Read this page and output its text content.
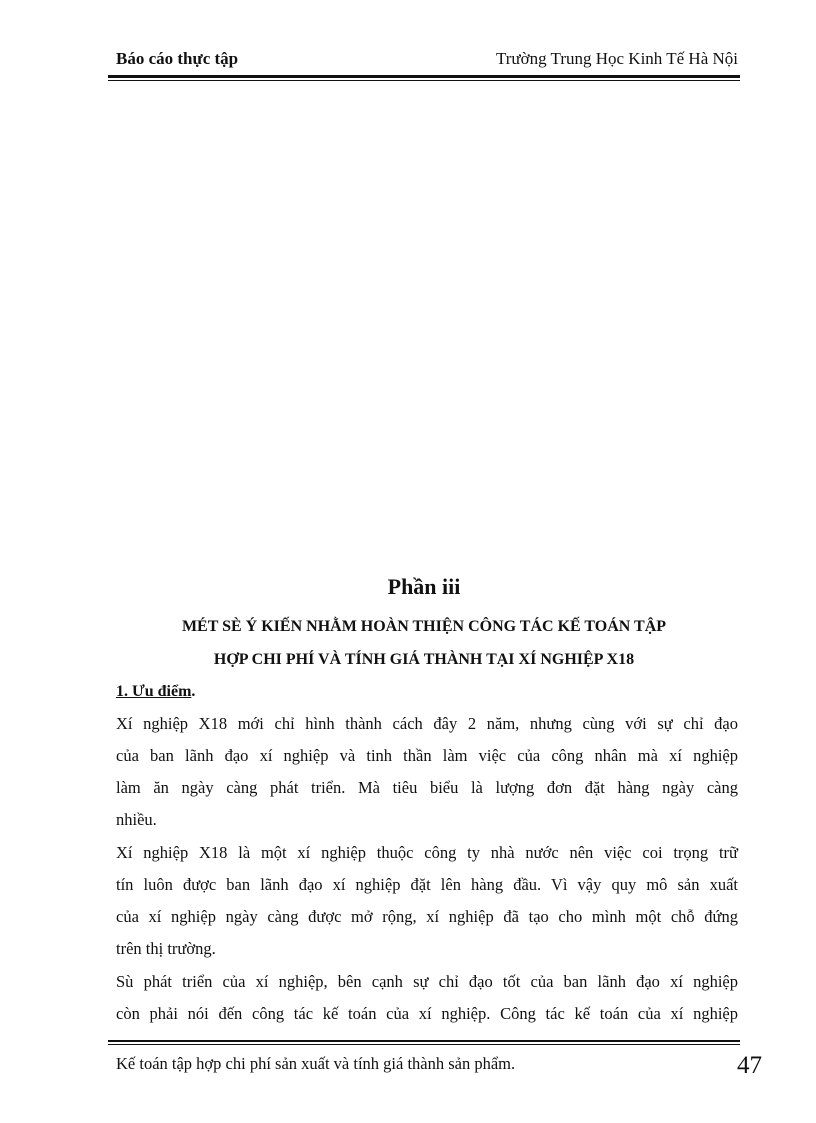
Báo cáo thực tập	Trường Trung Học Kinh Tế Hà Nội
Phần iii
MÉT SÈ Ý KIẾN NHẰM HOÀN THIỆN CÔNG TÁC KẾ TOÁN TẬP
HỢP CHI PHÍ VÀ TÍNH GIÁ THÀNH TẠI XÍ NGHIỆP X18
1. Ưu điểm.
Xí nghiệp X18 mới chỉ hình thành cách đây 2 năm, nhưng cùng với sự chỉ đạo
của ban lãnh đạo xí nghiệp và tinh thần làm việc của công nhân mà xí nghiệp
làm ăn ngày càng phát triển. Mà tiêu biểu là lượng đơn đặt hàng ngày càng
nhiều.
Xí nghiệp X18 là một xí nghiệp thuộc công ty nhà nước nên việc coi trọng trữ
tín luôn được ban lãnh đạo xí nghiệp đặt lên hàng đầu. Vì vậy quy mô sản xuất
của xí nghiệp ngày càng được mở rộng, xí nghiệp đã tạo cho mình một chỗ đứng
trên thị trường.
Sù phát triển của xí nghiệp, bên cạnh sự chỉ đạo tốt của ban lãnh đạo xí nghiệp
còn phải nói đến công tác kế toán của xí nghiệp. Công tác kế toán của xí nghiệp
Kế toán tập hợp chi phí sản xuất và tính giá thành sản phẩm.	47
